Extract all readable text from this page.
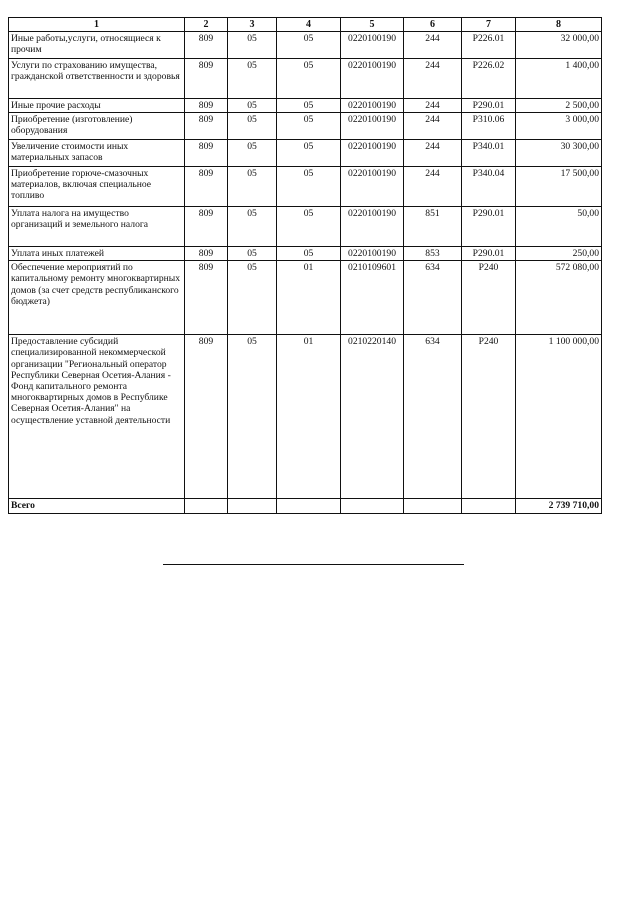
1	2	3	4	5	6	7	8
Иные работы,услуги, относящиеся к прочим	809	05	05	0220100190	244	Р226.01	32 000,00
Услуги по страхованию имущества, гражданской ответственности и здоровья	809	05	05	0220100190	244	Р226.02	1 400,00
Иные прочие расходы	809	05	05	0220100190	244	Р290.01	2 500,00
Приобретение (изготовление) оборудования	809	05	05	0220100190	244	Р310.06	3 000,00
Увеличение стоимости иных материальных запасов	809	05	05	0220100190	244	Р340.01	30 300,00
Приобретение горюче-смазочных материалов, включая специальное топливо	809	05	05	0220100190	244	Р340.04	17 500,00
Уплата налога на имущество организаций и земельного налога	809	05	05	0220100190	851	Р290.01	50,00
Уплата иных платежей	809	05	05	0220100190	853	Р290.01	250,00
Обеспечение мероприятий по капитальному ремонту многоквартирных домов (за счет средств республиканского бюджета)	809	05	01	0210109601	634	Р240	572 080,00
Предоставление субсидий специализированной некоммерческой организации "Региональный оператор Республики Северная Осетия-Алания - Фонд капитального ремонта многоквартирных домов в Республике Северная Осетия-Алания" на осуществление уставной деятельности	809	05	01	0210220140	634	Р240	1 100 000,00
Всего							2 739 710,00
